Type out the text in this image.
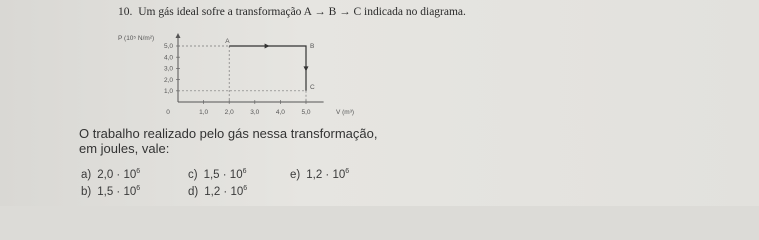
10. Um gás ideal sofre a transformação A → B → C indicada no diagrama.
P (10⁵ N/m²)
V (m³)
0	1,0	2,0	3,0	4,0	5,0
1,0
2,0
3,0
4,0
5,0
A
B
C
O trabalho realizado pelo gás nessa transformação,
em joules, vale:
a) $2,0 \cdot 10^6$
b) $1,5 \cdot 10^6$
c) $1,5 \cdot 10^6$
d) $1,2 \cdot 10^6$
e) $1,2 \cdot 10^6$
